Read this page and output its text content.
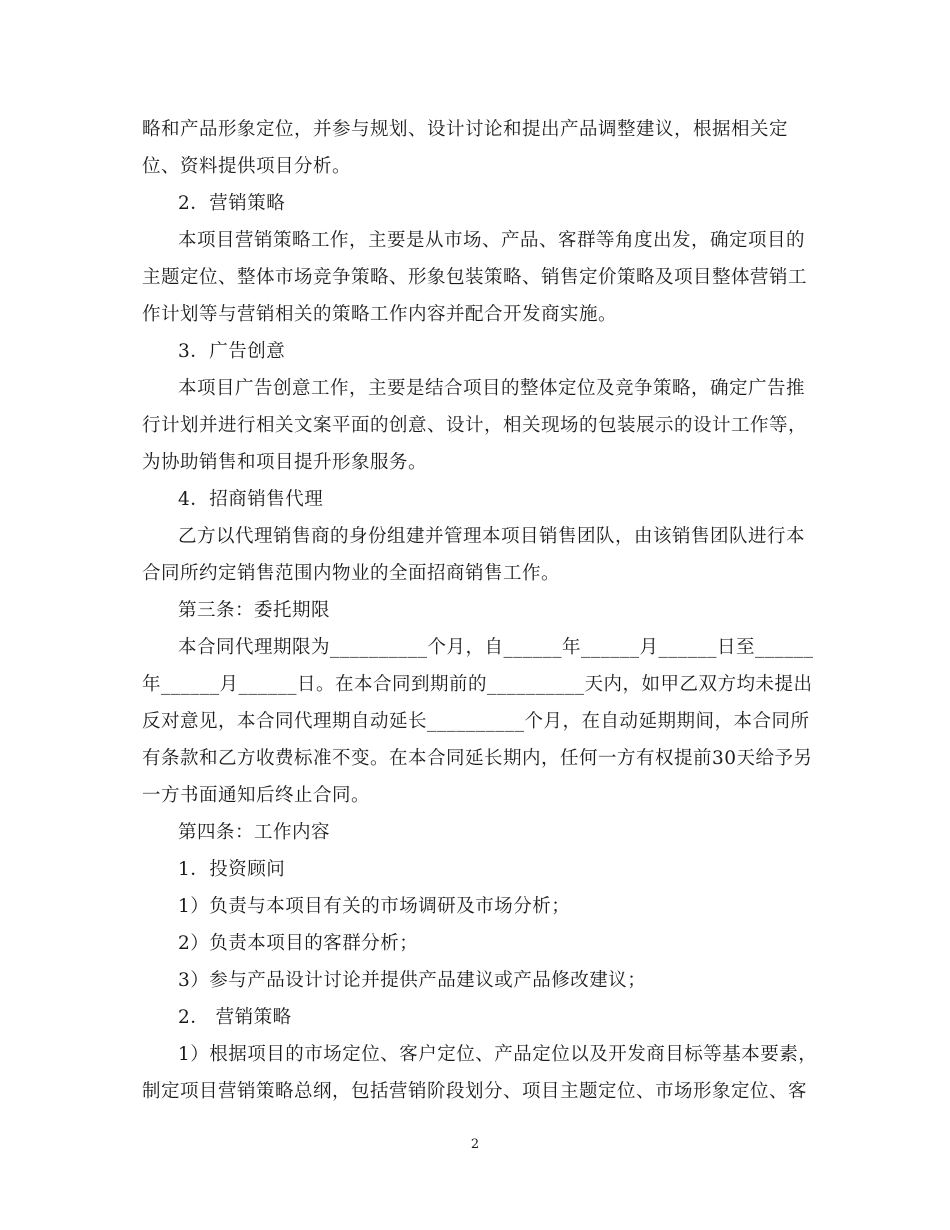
略和产品形象定位，并参与规划、设计讨论和提出产品调整建议，根据相关定
位、资料提供项目分析。
2．营销策略
本项目营销策略工作，主要是从市场、产品、客群等角度出发，确定项目的
主题定位、整体市场竞争策略、形象包装策略、销售定价策略及项目整体营销工
作计划等与营销相关的策略工作内容并配合开发商实施。
3．广告创意
本项目广告创意工作，主要是结合项目的整体定位及竞争策略，确定广告推
行计划并进行相关文案平面的创意、设计，相关现场的包装展示的设计工作等，
为协助销售和项目提升形象服务。
4．招商销售代理
乙方以代理销售商的身份组建并管理本项目销售团队，由该销售团队进行本
合同所约定销售范围内物业的全面招商销售工作。
第三条：委托期限
本合同代理期限为__________个月，自______年______月______日至______
年______月______日。在本合同到期前的__________天内，如甲乙双方均未提出
反对意见，本合同代理期自动延长__________个月，在自动延期期间，本合同所
有条款和乙方收费标准不变。在本合同延长期内，任何一方有权提前30天给予另
一方书面通知后终止合同。
第四条：工作内容
1．投资顾问
1）负责与本项目有关的市场调研及市场分析；
2）负责本项目的客群分析；
3）参与产品设计讨论并提供产品建议或产品修改建议；
2． 营销策略
1）根据项目的市场定位、客户定位、产品定位以及开发商目标等基本要素，
制定项目营销策略总纲，包括营销阶段划分、项目主题定位、市场形象定位、客
2
